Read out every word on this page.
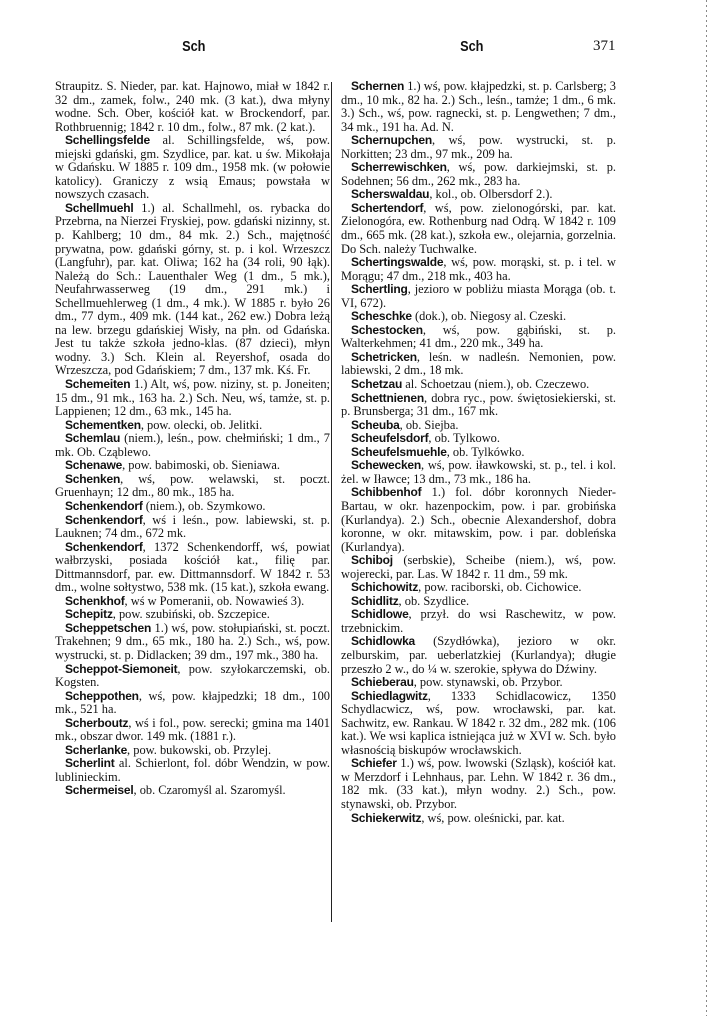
Sch	Sch	371

Straupitz. S. Nieder, par. kat. Hajnowo, miał w 1842 r. 32 dm., zamek, folw., 240 mk. (3 kat.), dwa młyny wodne. Sch. Ober, kościół kat. w Brockendorf, par. Rothbruennig; 1842 r. 10 dm., folw., 87 mk. (2 kat.).

Schellingsfelde al. Schillingsfelde, wś, pow. miejski gdański, gm. Szydlice, par. kat. u św. Mikołaja w Gdańsku. W 1885 r. 109 dm., 1958 mk. (w połowie katolicy). Graniczy z wsią Emaus; powstała w nowszych czasach.

Schellmuehl 1.) al. Schallmehl, os. rybacka do Przebrna, na Nierzei Fryskiej, pow. gdański nizinny, st. p. Kahlberg; 10 dm., 84 mk. 2.) Sch., majętność prywatna, pow. gdański górny, st. p. i kol. Wrzeszcz (Langfuhr), par. kat. Oliwa; 162 ha (34 roli, 90 łąk). Należą do Sch.: Lauenthaler Weg (1 dm., 5 mk.), Neufahrwasserweg (19 dm., 291 mk.) i Schellmuehlerweg (1 dm., 4 mk.). W 1885 r. było 26 dm., 77 dym., 409 mk. (144 kat., 262 ew.) Dobra leżą na lew. brzegu gdańskiej Wisły, na płn. od Gdańska. Jest tu także szkoła jedno-klas. (87 dzieci), młyn wodny. 3.) Sch. Klein al. Reyershof, osada do Wrzeszcza, pod Gdańskiem; 7 dm., 137 mk. Kś. Fr.

Schemeiten 1.) Alt, wś, pow. niziny, st. p. Joneiten; 15 dm., 91 mk., 163 ha. 2.) Sch. Neu, wś, tamże, st. p. Lappienen; 12 dm., 63 mk., 145 ha.

Schementken, pow. olecki, ob. Jelitki.

Schemlau (niem.), leśn., pow. chełmiński; 1 dm., 7 mk. Ob. Cząblewo.

Schenawe, pow. babimoski, ob. Sieniawa.

Schenken, wś, pow. welawski, st. poczt. Gruenhayn; 12 dm., 80 mk., 185 ha.

Schenkendorf (niem.), ob. Szymkowo.

Schenkendorf, wś i leśn., pow. labiewski, st. p. Lauknen; 74 dm., 672 mk.

Schenkendorf, 1372 Schenkendorff, wś, powiat wałbrzyski, posiada kościół kat., filię par. Dittmannsdorf, par. ew. Dittmannsdorf. W 1842 r. 53 dm., wolne sołtystwo, 538 mk. (15 kat.), szkoła ewang.

Schenkhof, wś w Pomeranii, ob. Nowawieś 3).

Schepitz, pow. szubiński, ob. Szczepice.

Scheppetschen 1.) wś, pow. stołupiański, st. poczt. Trakehnen; 9 dm., 65 mk., 180 ha. 2.) Sch., wś, pow. wystrucki, st. p. Didlacken; 39 dm., 197 mk., 380 ha.

Scheppot-Siemoneit, pow. szyłokarczemski, ob. Kogsten.

Scheppothen, wś, pow. kłajpedzki; 18 dm., 100 mk., 521 ha.

Scherboutz, wś i fol., pow. serecki; gmina ma 1401 mk., obszar dwor. 149 mk. (1881 r.).

Scherlanke, pow. bukowski, ob. Przyleј.

Scherlint al. Schierlont, fol. dóbr Wendzin, w pow. lublinieckim.

Schermeisel, ob. Czaromyśl al. Szaromyśl.

Schernen 1.) wś, pow. kłajpedzki, st. p. Carlsberg; 3 dm., 10 mk., 82 ha. 2.) Sch., leśn., tamże; 1 dm., 6 mk. 3.) Sch., wś, pow. ragnecki, st. p. Lengwethen; 7 dm., 34 mk., 191 ha. Ad. N.

Schernupchen, wś, pow. wystrucki, st. p. Norkitten; 23 dm., 97 mk., 209 ha.

Scherrewischken, wś, pow. darkiejmski, st. p. Sodehnen; 56 dm., 262 mk., 283 ha.

Scherswaldau, kol., ob. Olbersdorf 2.).

Schertendorf, wś, pow. zielonogórski, par. kat. Zielonogóra, ew. Rothenburg nad Odrą. W 1842 r. 109 dm., 665 mk. (28 kat.), szkoła ew., olejarnia, gorzelnia. Do Sch. należy Tuchwalke.

Schertingswalde, wś, pow. morąski, st. p. i tel. w Morągu; 47 dm., 218 mk., 403 ha.

Schertling, jezioro w pobliżu miasta Morąga (ob. t. VI, 672).

Scheschke (dok.), ob. Niegosy al. Czeski.

Schestocken, wś, pow. gąbiński, st. p. Walterkehmen; 41 dm., 220 mk., 349 ha.

Schetricken, leśn. w nadleśn. Nemonien, pow. labiewski, 2 dm., 18 mk.

Schetzau al. Schoetzau (niem.), ob. Czeczewo.

Schettnienen, dobra ryc., pow. świętosiekierski, st. p. Brunsberga; 31 dm., 167 mk.

Scheuba, ob. Siejba.

Scheufelsdorf, ob. Tylkowo.

Scheufelsmuehle, ob. Tylkówko.

Schewecken, wś, pow. iławkowski, st. p., tel. i kol. żel. w Iławce; 13 dm., 73 mk., 186 ha.

Schibbenhof 1.) fol. dóbr koronnych Nieder-Bartau, w okr. hazenpockim, pow. i par. grobińska (Kurlandya). 2.) Sch., obecnie Alexandershof, dobra koronne, w okr. mitawskim, pow. i par. dobleńska (Kurlandya).

Schiboj (serbskie), Scheibe (niem.), wś, pow. wojerecki, par. Las. W 1842 r. 11 dm., 59 mk.

Schichowitz, pow. raciborski, ob. Cichowice.

Schidlitz, ob. Szydlice.

Schidlowe, przył. do wsi Raschewitz, w pow. trzebnickim.

Schidlowka (Szydłówka), jezioro w okr. zelburskim, par. ueberlatzkiej (Kurlandya); długie przeszło 2 w., do ¼ w. szerokie, spływa do Dźwiny.

Schieberau, pow. stynawski, ob. Przybor.

Schiedlagwitz, 1333 Schidlacowicz, 1350 Schydlacwicz, wś, pow. wrocławski, par. kat. Sachwitz, ew. Rankau. W 1842 r. 32 dm., 282 mk. (106 kat.). We wsi kaplica istniejąca już w XVI w. Sch. było własnością biskupów wrocławskich.

Schiefer 1.) wś, pow. lwowski (Szląsk), kościół kat. w Merzdorf i Lehnhaus, par. Lehn. W 1842 r. 36 dm., 182 mk. (33 kat.), młyn wodny. 2.) Sch., pow. stynawski, ob. Przybor.

Schiekerwitz, wś, pow. oleśnicki, par. kat.
